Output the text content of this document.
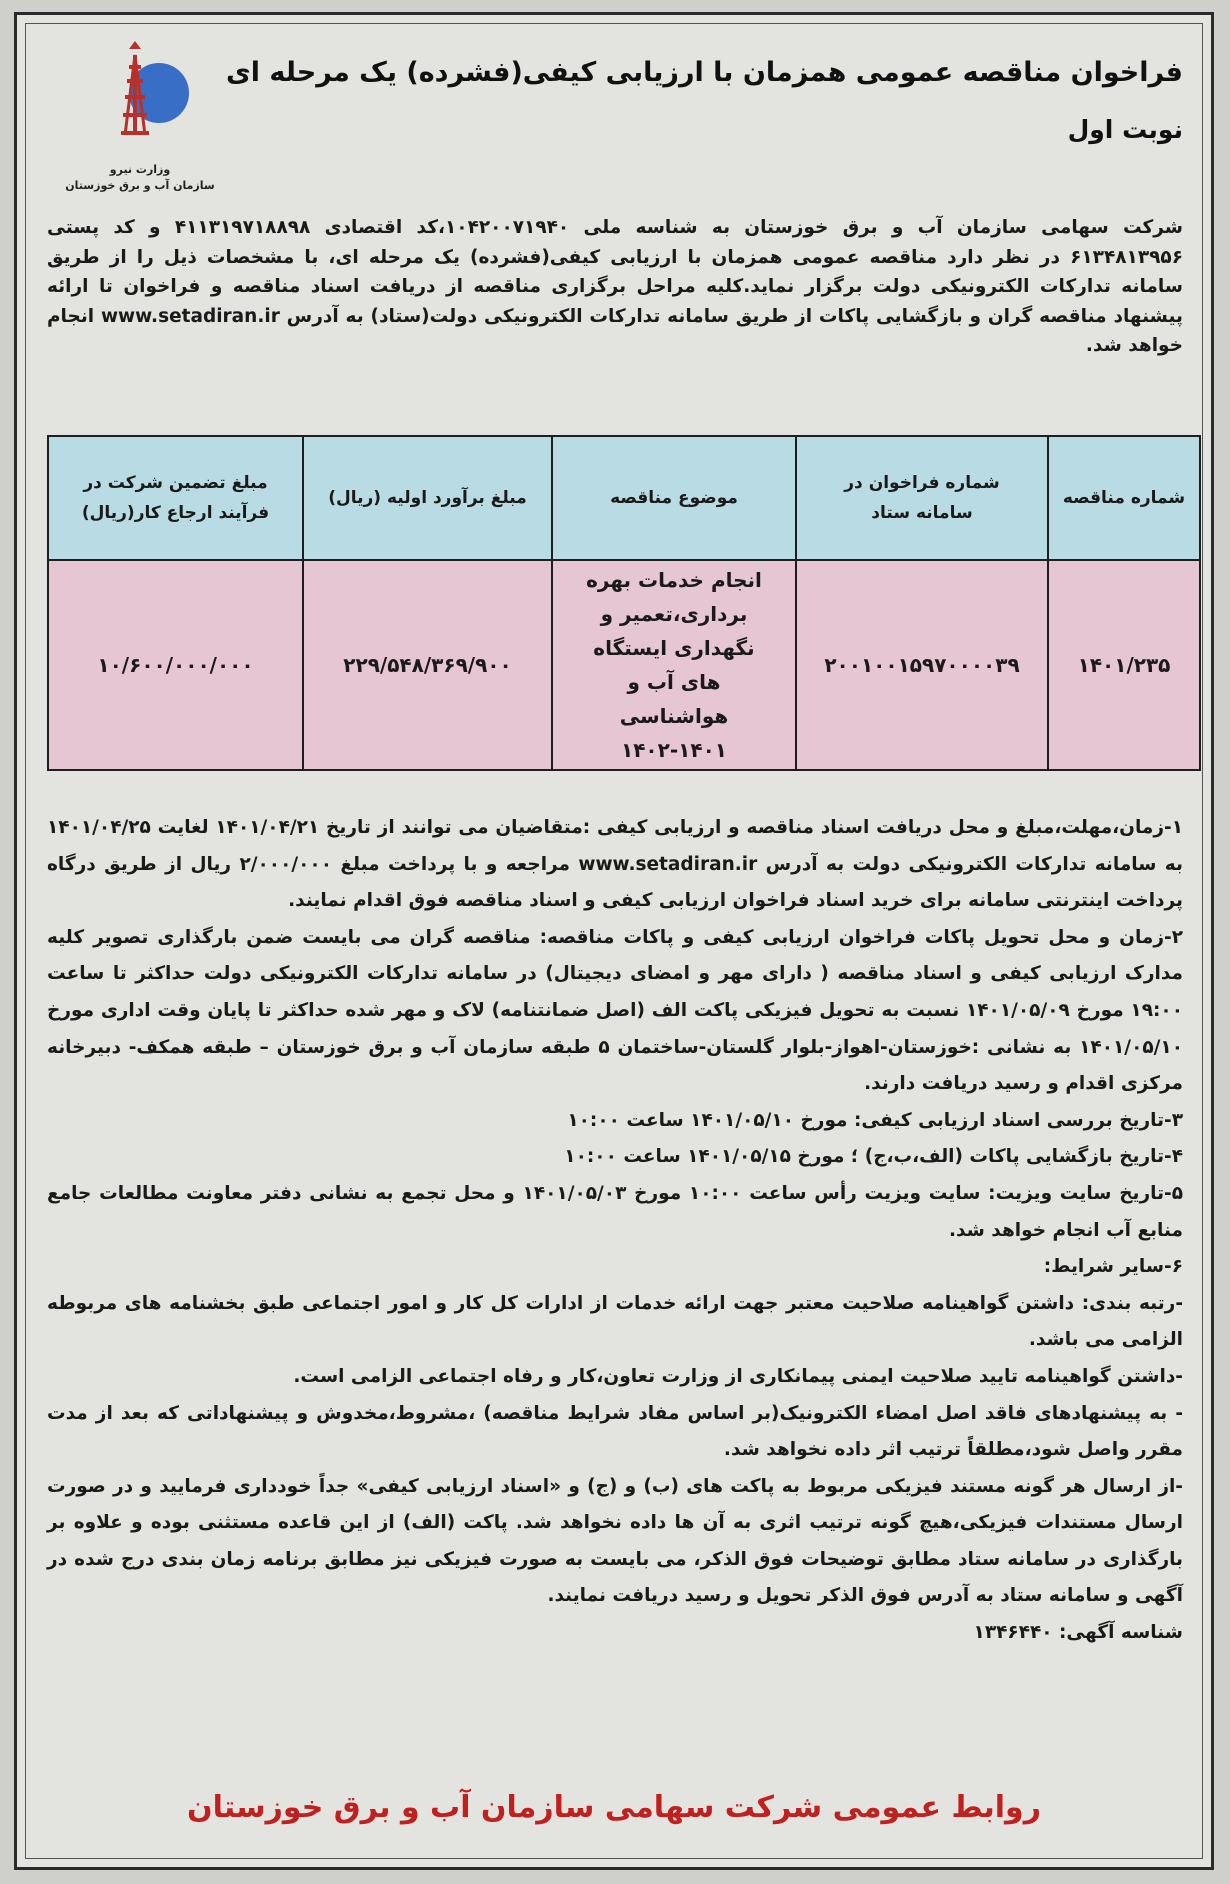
وزارت نیرو
سازمان آب و برق خوزستان
فراخوان مناقصه عمومی همزمان با ارزیابی کیفی(فشرده) یک مرحله ای
نوبت اول
شرکت سهامی سازمان آب و برق خوزستان به شناسه ملی ۱۰۴۲۰۰۷۱۹۴۰،کد اقتصادی ۴۱۱۳۱۹۷۱۸۸۹۸ و کد پستی ۶۱۳۴۸۱۳۹۵۶ در نظر دارد مناقصه عمومی همزمان با ارزیابی کیفی(فشرده) یک مرحله ای، با مشخصات ذیل را از طریق سامانه تدارکات الکترونیکی دولت برگزار نماید.کلیه مراحل برگزاری مناقصه از دریافت اسناد مناقصه و فراخوان تا ارائه پیشنهاد مناقصه گران و بازگشایی پاکات از طریق سامانه تدارکات الکترونیکی دولت(ستاد) به آدرس www.setadiran.ir انجام خواهد شد.
شماره مناقصه	شماره فراخوان در سامانه ستاد	موضوع مناقصه	مبلغ برآورد اولیه (ریال)	مبلغ تضمین شرکت در فرآیند ارجاع کار(ریال)
۱۴۰۱/۲۳۵	۲۰۰۱۰۰۱۵۹۷۰۰۰۰۳۹	انجام خدمات بهره برداری،تعمیر و نگهداری ایستگاه های آب و هواشناسی ۱۴۰۱-۱۴۰۲	۲۲۹/۵۴۸/۳۶۹/۹۰۰	۱۰/۶۰۰/۰۰۰/۰۰۰

۱-زمان،مهلت،مبلغ و محل دریافت اسناد مناقصه و ارزیابی کیفی :متقاضیان می توانند از تاریخ ۱۴۰۱/۰۴/۲۱ لغایت ۱۴۰۱/۰۴/۲۵ به سامانه تدارکات الکترونیکی دولت به آدرس www.setadiran.ir مراجعه و با پرداخت مبلغ ۲/۰۰۰/۰۰۰ ریال از طریق درگاه پرداخت اینترنتی سامانه برای خرید اسناد فراخوان ارزیابی کیفی و اسناد مناقصه فوق اقدام نمایند.

۲-زمان و محل تحویل پاکات فراخوان ارزیابی کیفی و پاکات مناقصه: مناقصه گران می بایست ضمن بارگذاری تصویر کلیه مدارک ارزیابی کیفی و اسناد مناقصه ( دارای مهر و امضای دیجیتال) در سامانه تدارکات الکترونیکی دولت حداکثر تا ساعت ۱۹:۰۰ مورخ ۱۴۰۱/۰۵/۰۹ نسبت به تحویل فیزیکی پاکت الف (اصل ضمانتنامه) لاک و مهر شده حداکثر تا پایان وقت اداری مورخ ۱۴۰۱/۰۵/۱۰ به نشانی :خوزستان-اهواز-بلوار گلستان-ساختمان ۵ طبقه سازمان آب و برق خوزستان – طبقه همکف- دبیرخانه مرکزی اقدام و رسید دریافت دارند.

۳-تاریخ بررسی اسناد ارزیابی کیفی: مورخ ۱۴۰۱/۰۵/۱۰ ساعت ۱۰:۰۰

۴-تاریخ بازگشایی پاکات (الف،ب،ج) ؛ مورخ ۱۴۰۱/۰۵/۱۵ ساعت ۱۰:۰۰

۵-تاریخ سایت ویزیت: سایت ویزیت رأس ساعت ۱۰:۰۰ مورخ ۱۴۰۱/۰۵/۰۳ و محل تجمع به نشانی دفتر معاونت مطالعات جامع منابع آب انجام خواهد شد.

۶-سایر شرایط:

-رتبه بندی: داشتن گواهینامه صلاحیت معتبر جهت ارائه خدمات از ادارات کل کار و امور اجتماعی طبق بخشنامه های مربوطه الزامی می باشد.

-داشتن گواهینامه تایید صلاحیت ایمنی پیمانکاری از وزارت تعاون،کار و رفاه اجتماعی الزامی است.

- به پیشنهادهای فاقد اصل امضاء الکترونیک(بر اساس مفاد شرایط مناقصه) ،مشروط،مخدوش و پیشنهاداتی که بعد از مدت مقرر واصل شود،مطلقاً ترتیب اثر داده نخواهد شد.

-از ارسال هر گونه مستند فیزیکی مربوط به پاکت های (ب) و (ج) و «اسناد ارزیابی کیفی» جداً خودداری فرمایید و در صورت ارسال مستندات فیزیکی،هیچ گونه ترتیب اثری به آن ها داده نخواهد شد. پاکت (الف) از این قاعده مستثنی بوده و علاوه بر بارگذاری در سامانه ستاد مطابق توضیحات فوق الذکر، می بایست به صورت فیزیکی نیز مطابق برنامه زمان بندی درج شده در آگهی و سامانه ستاد به آدرس فوق الذکر تحویل و رسید دریافت نمایند.

شناسه آگهی: ۱۳۴۶۴۴۰

روابط عمومی شرکت سهامی سازمان آب و برق خوزستان
